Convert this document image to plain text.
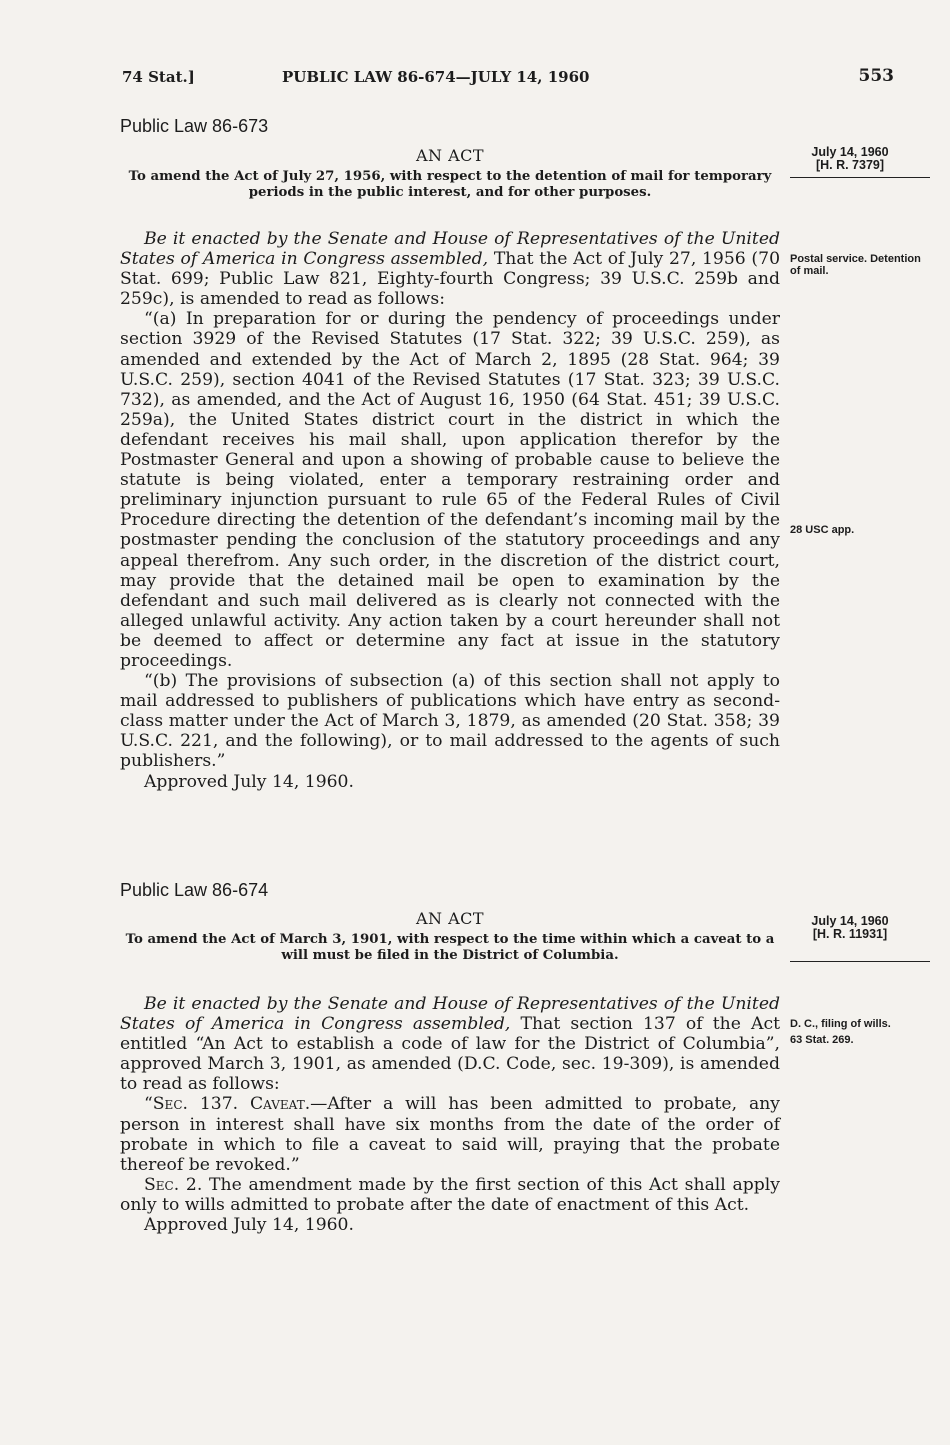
74 Stat.]	PUBLIC LAW 86-674—JULY 14, 1960	553
Public Law 86-673

AN ACT

To amend the Act of July 27, 1956, with respect to the detention of mail for temporary periods in the public interest, and for other purposes.

Be it enacted by the Senate and House of Representatives of the United States of America in Congress assembled, That the Act of July 27, 1956 (70 Stat. 699; Public Law 821, Eighty-fourth Congress; 39 U.S.C. 259b and 259c), is amended to read as follows:

“(a) In preparation for or during the pendency of proceedings under section 3929 of the Revised Statutes (17 Stat. 322; 39 U.S.C. 259), as amended and extended by the Act of March 2, 1895 (28 Stat. 964; 39 U.S.C. 259), section 4041 of the Revised Statutes (17 Stat. 323; 39 U.S.C. 732), as amended, and the Act of August 16, 1950 (64 Stat. 451; 39 U.S.C. 259a), the United States district court in the district in which the defendant receives his mail shall, upon application therefor by the Postmaster General and upon a showing of probable cause to believe the statute is being violated, enter a temporary restraining order and preliminary injunction pursuant to rule 65 of the Federal Rules of Civil Procedure directing the detention of the defendant’s incoming mail by the postmaster pending the conclusion of the statutory proceedings and any appeal therefrom. Any such order, in the discretion of the district court, may provide that the detained mail be open to examination by the defendant and such mail delivered as is clearly not connected with the alleged unlawful activity. Any action taken by a court hereunder shall not be deemed to affect or determine any fact at issue in the statutory proceedings.

“(b) The provisions of subsection (a) of this section shall not apply to mail addressed to publishers of publications which have entry as second-class matter under the Act of March 3, 1879, as amended (20 Stat. 358; 39 U.S.C. 221, and the following), or to mail addressed to the agents of such publishers.”

Approved July 14, 1960.

July 14, 1960
[H. R. 7379]
Postal service. Detention of mail.
28 USC app.
Public Law 86-674

AN ACT

To amend the Act of March 3, 1901, with respect to the time within which a caveat to a will must be filed in the District of Columbia.

Be it enacted by the Senate and House of Representatives of the United States of America in Congress assembled, That section 137 of the Act entitled “An Act to establish a code of law for the District of Columbia”, approved March 3, 1901, as amended (D.C. Code, sec. 19-309), is amended to read as follows:

“Sec. 137. Caveat.—After a will has been admitted to probate, any person in interest shall have six months from the date of the order of probate in which to file a caveat to said will, praying that the probate thereof be revoked.”

Sec. 2. The amendment made by the first section of this Act shall apply only to wills admitted to probate after the date of enactment of this Act.

Approved July 14, 1960.

July 14, 1960
[H. R. 11931]
D. C., filing of wills.
63 Stat. 269.
